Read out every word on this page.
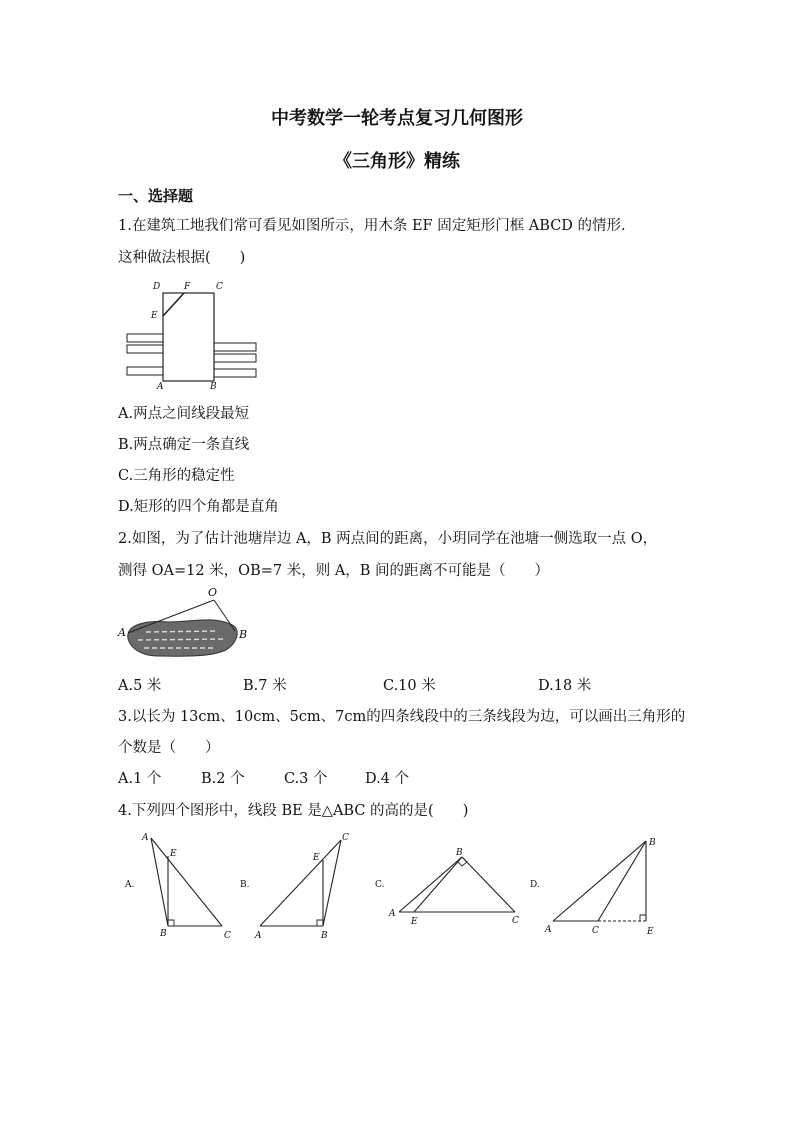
中考数学一轮考点复习几何图形
《三角形》精练
一、选择题
1.在建筑工地我们常可看见如图所示，用木条 EF 固定矩形门框 ABCD 的情形.
这种做法根据(　　)
D	F	C
E
A	B
A.两点之间线段最短
B.两点确定一条直线
C.三角形的稳定性
D.矩形的四个角都是直角
2.如图，为了估计池塘岸边 A，B 两点间的距离，小玥同学在池塘一侧选取一点 O，
测得 OA=12 米，OB=7 米，则 A，B 间的距离不可能是（　　）
O
A	B
A.5 米	B.7 米	C.10 米	D.18 米
3.以长为 13cm、10cm、5cm、7cm的四条线段中的三条线段为边，可以画出三角形的
个数是（　　）
A.1 个	B.2 个	C.3 个	D.4 个
4.下列四个图形中，线段 BE 是△ABC 的高的是(　　)
A.
A
E
B	C
B.
C
E
A	B
C.
B
A
E	C
D.
B
A	C	E
